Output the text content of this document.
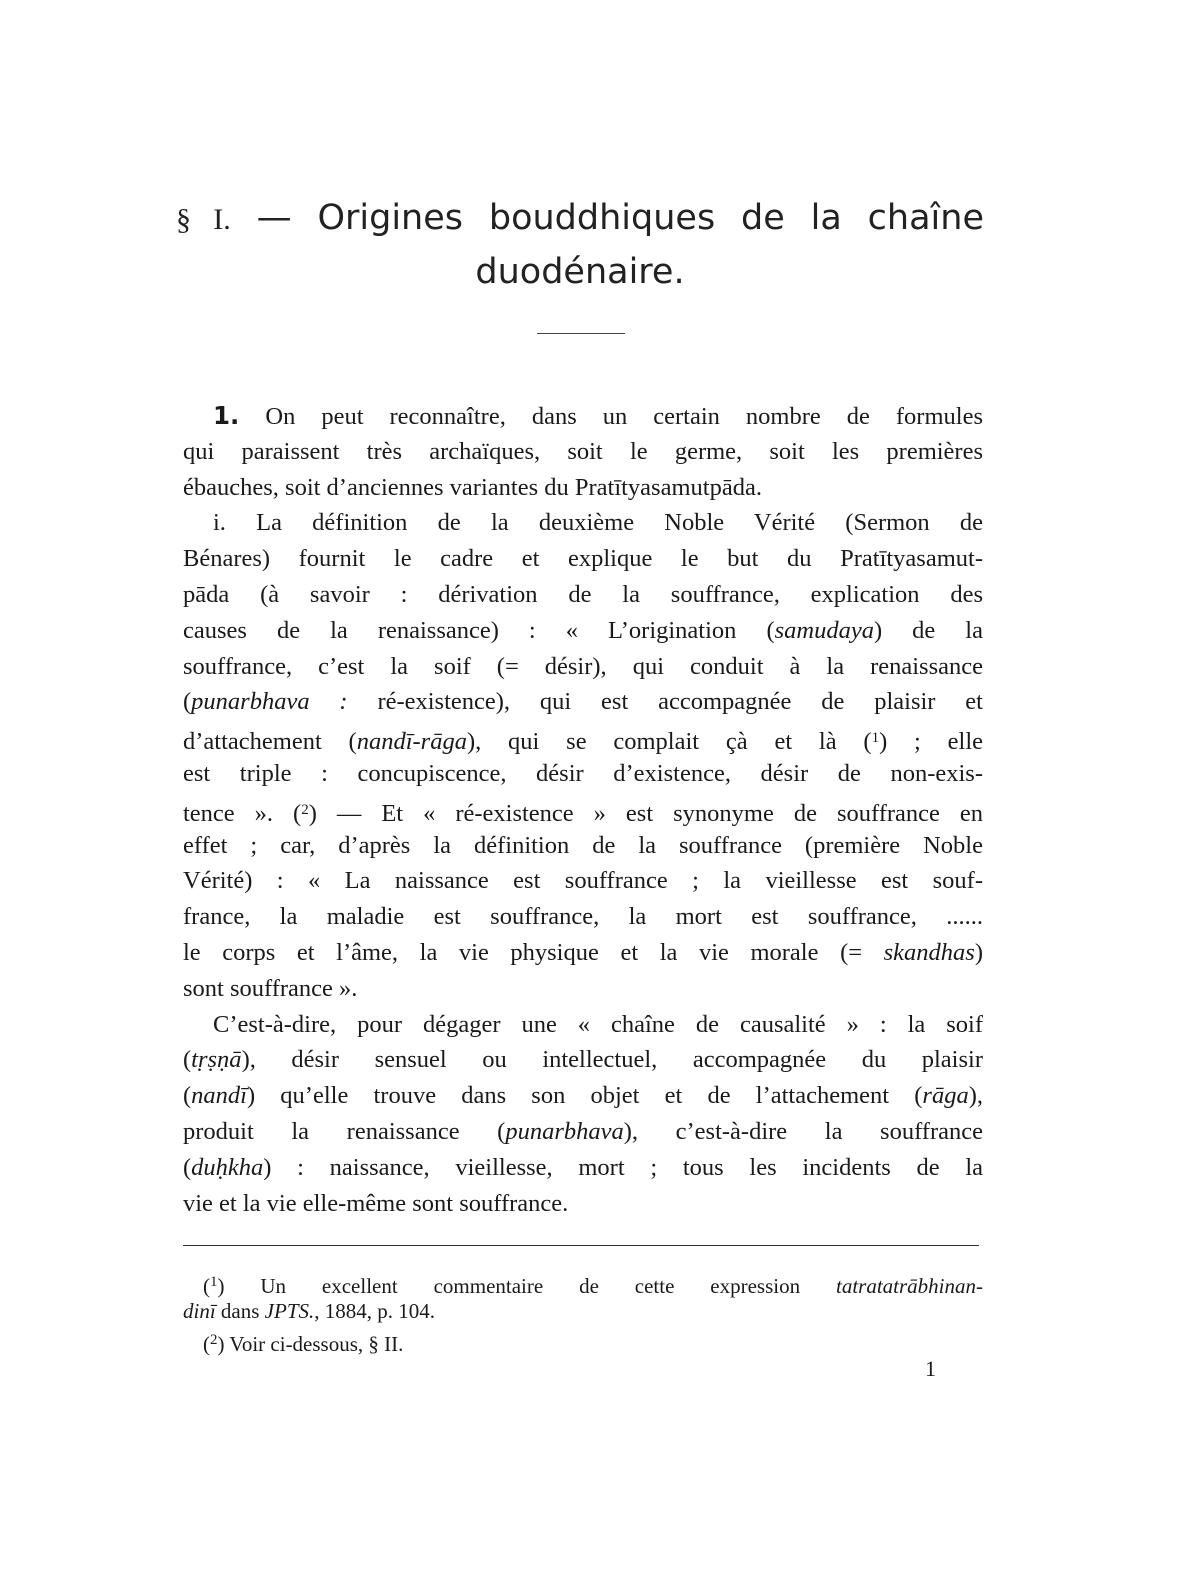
§ I. — Origines bouddhiques de la chaîne
duodénaire.
1. On peut reconnaître, dans un certain nombre de formules
qui paraissent très archaïques, soit le germe, soit les premières
ébauches, soit d’anciennes variantes du Pratītyasamutpāda.
i. La définition de la deuxième Noble Vérité (Sermon de
Bénares) fournit le cadre et explique le but du Pratītyasamut-
pāda (à savoir : dérivation de la souffrance, explication des
causes de la renaissance) : « L’origination (samudaya) de la
souffrance, c’est la soif (= désir), qui conduit à la renaissance
(punarbhava : ré-existence), qui est accompagnée de plaisir et
d’attachement (nandī-rāga), qui se complait çà et là ($^1$) ; elle
est triple : concupiscence, désir d’existence, désir de non-exis-
tence ». ($^2$) — Et « ré-existence » est synonyme de souffrance en
effet ; car, d’après la définition de la souffrance (première Noble
Vérité) : « La naissance est souffrance ; la vieillesse est souf-
france, la maladie est souffrance, la mort est souffrance, ......
le corps et l’âme, la vie physique et la vie morale (= skandhas)
sont souffrance ».
C’est-à-dire, pour dégager une « chaîne de causalité » : la soif
(tṛṣṇā), désir sensuel ou intellectuel, accompagnée du plaisir
(nandī) qu’elle trouve dans son objet et de l’attachement (rāga),
produit la renaissance (punarbhava), c’est-à-dire la souffrance
(duḥkha) : naissance, vieillesse, mort ; tous les incidents de la
vie et la vie elle-même sont souffrance.
($^1$) Un excellent commentaire de cette expression tatratatrābhinan-
dinī dans JPTS., 1884, p. 104.
($^2$) Voir ci-dessous, § II.
1
